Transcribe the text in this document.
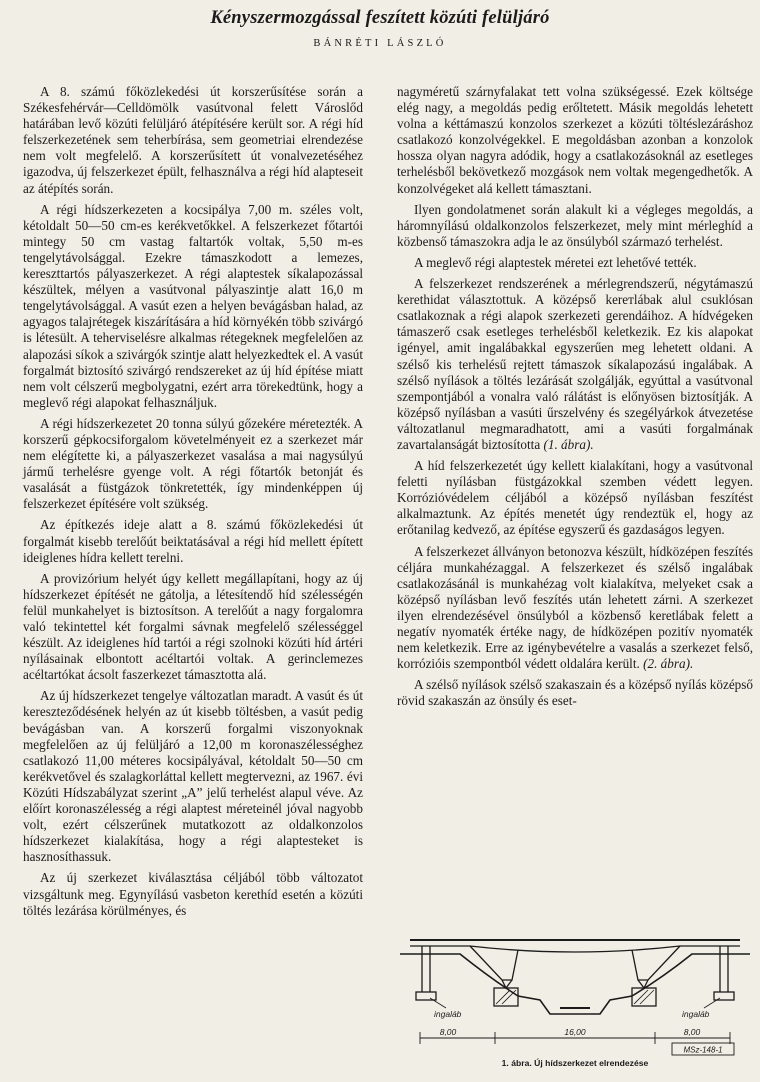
Kényszermozgással feszített közúti felüljáró
BÁNRÉTI LÁSZLÓ

A 8. számú főközlekedési út korszerűsítése során a Székesfehérvár—Celldömölk vasútvonal felett Városlőd határában levő közúti felüljáró átépítésére került sor. A régi híd felszerkezetének sem teherbírása, sem geometriai elrendezése nem volt megfelelő. A korszerűsített út vonalvezetéséhez igazodva, új felszerkezet épült, felhasználva a régi híd alapteseit az átépítés során.

A régi hídszerkezeten a kocsipálya 7,00 m. széles volt, kétoldalt 50—50 cm-es kerékvetőkkel. A felszerkezet főtartói mintegy 50 cm vastag faltartók voltak, 5,50 m-es tengelytávolsággal. Ezekre támaszkodott a lemezes, kereszttartós pályaszerkezet. A régi alaptestek síkalapozással készültek, mélyen a vasútvonal pályaszintje alatt 16,0 m tengelytávolsággal. A vasút ezen a helyen bevágásban halad, az agyagos talajrétegek kiszárítására a híd környékén több szivárgó is létesült. A teherviselésre alkalmas rétegeknek megfelelően az alapozási síkok a szivárgók szintje alatt helyezkedtek el. A vasút forgalmát biztosító szivárgó rendszereket az új híd építése miatt nem volt célszerű megbolygatni, ezért arra törekedtünk, hogy a meglevő régi alapokat felhasználjuk.

A régi hídszerkezetet 20 tonna súlyú gőzekére méretezték. A korszerű gépkocsiforgalom követelményeit ez a szerkezet már nem elégítette ki, a pályaszerkezet vasalása a mai nagysúlyú jármű terhelésre gyenge volt. A régi főtartók betonját és vasalását a füstgázok tönkretették, így mindenképpen új felszerkezet építésére volt szükség.

Az építkezés ideje alatt a 8. számú főközlekedési út forgalmát kisebb terelőút beiktatásával a régi híd mellett épített ideiglenes hídra kellett terelni.

A provizórium helyét úgy kellett megállapítani, hogy az új hídszerkezet építését ne gátolja, a létesítendő híd szélességén felül munkahelyet is biztosítson. A terelőút a nagy forgalomra való tekintettel két forgalmi sávnak megfelelő szélességgel készült. Az ideiglenes híd tartói a régi szolnoki közúti híd ártéri nyílásainak elbontott acéltartói voltak. A gerinclemezes acéltartókat ácsolt faszerkezet támasztotta alá.

Az új hídszerkezet tengelye változatlan maradt. A vasút és út kereszteződésének helyén az út kisebb töltésben, a vasút pedig bevágásban van. A korszerű forgalmi viszonyoknak megfelelően az új felüljáró a 12,00 m koronaszélességhez csatlakozó 11,00 méteres kocsipályával, kétoldalt 50—50 cm kerékvetővel és szalagkorláttal kellett megtervezni, az 1967. évi Közúti Hídszabályzat szerint „A” jelű terhelést alapul véve. Az előírt koronaszélesség a régi alaptest méreteinél jóval nagyobb volt, ezért célszerűnek mutatkozott az oldalkonzolos hídszerkezet kialakítása, hogy a régi alaptesteket is hasznosíthassuk.

Az új szerkezet kiválasztása céljából több változatot vizsgáltunk meg. Egynyílású vasbeton kerethíd esetén a közúti töltés lezárása körülményes, és

nagyméretű szárnyfalakat tett volna szükségessé. Ezek költsége elég nagy, a megoldás pedig erőltetett. Másik megoldás lehetett volna a kéttámaszú konzolos szerkezet a közúti töltéslezáráshoz csatlakozó konzolvégekkel. E megoldásban azonban a konzolok hossza olyan nagyra adódik, hogy a csatlakozásoknál az esetleges terhelésből bekövetkező mozgások nem voltak megengedhetők. A konzolvégeket alá kellett támasztani.

Ilyen gondolatmenet során alakult ki a végleges megoldás, a háromnyílású oldalkonzolos felszerkezet, mely mint mérleghíd a közbenső támaszokra adja le az önsúlyból származó terhelést.

A meglevő régi alaptestek méretei ezt lehetővé tették.

A felszerkezet rendszerének a mérlegrendszerű, négytámaszú kerethidat választottuk. A középső kereтlábak alul csuklósan csatlakoznak a régi alapok szerkezeti gerendáihoz. A hídvégeken támaszerő csak esetleges terhelésből keletkezik. Ez kis alapokat igényel, amit ingalábakkal egyszerűen meg lehetett oldani. A szélső kis terhelésű rejtett támaszok síkalapozású ingalábak. A szélső nyílások a töltés lezárását szolgálják, egyúttal a vasútvonal szempontjából a vonalra való rálátást is előnyösen biztosítják. A középső nyílásban a vasúti űrszelvény és szegélyárkok átvezetése változatlanul megmaradhatott, ami a vasúti forgalmának zavartalanságát biztosította (1. ábra).

A híd felszerkezetét úgy kellett kialakítani, hogy a vasútvonal feletti nyílásban füstgázokkal szemben védett legyen. Korrózióvédelem céljából a középső nyílásban feszítést alkalmaztunk. Az építés menetét úgy rendeztük el, hogy az erőtanilag kedvező, az építése egyszerű és gazdaságos legyen.

A felszerkezet állványon betonozva készült, hídközépen feszítés céljára munkahézaggal. A felszerkezet és szélső ingalábak csatlakozásánál is munkahézag volt kialakítva, melyeket csak a középső nyílásban levő feszítés után lehetett zárni. A szerkezet ilyen elrendezésével önsúlyból a közbenső keretlábak felett a negatív nyomaték értéke nagy, de hídközépen pozitív nyomaték nem keletkezik. Erre az igénybevételre a vasalás a szerkezet felső, korrózióis szempontból védett oldalára került. (2. ábra).

A szélső nyílások szélső szakaszain és a középső nyílás középső rövid szakaszán az önsúly és eset-

ingaláb	ingaláb
8,00	16,00	8,00
MSz-148-1
1. ábra. Új hídszerkezet elrendezése
